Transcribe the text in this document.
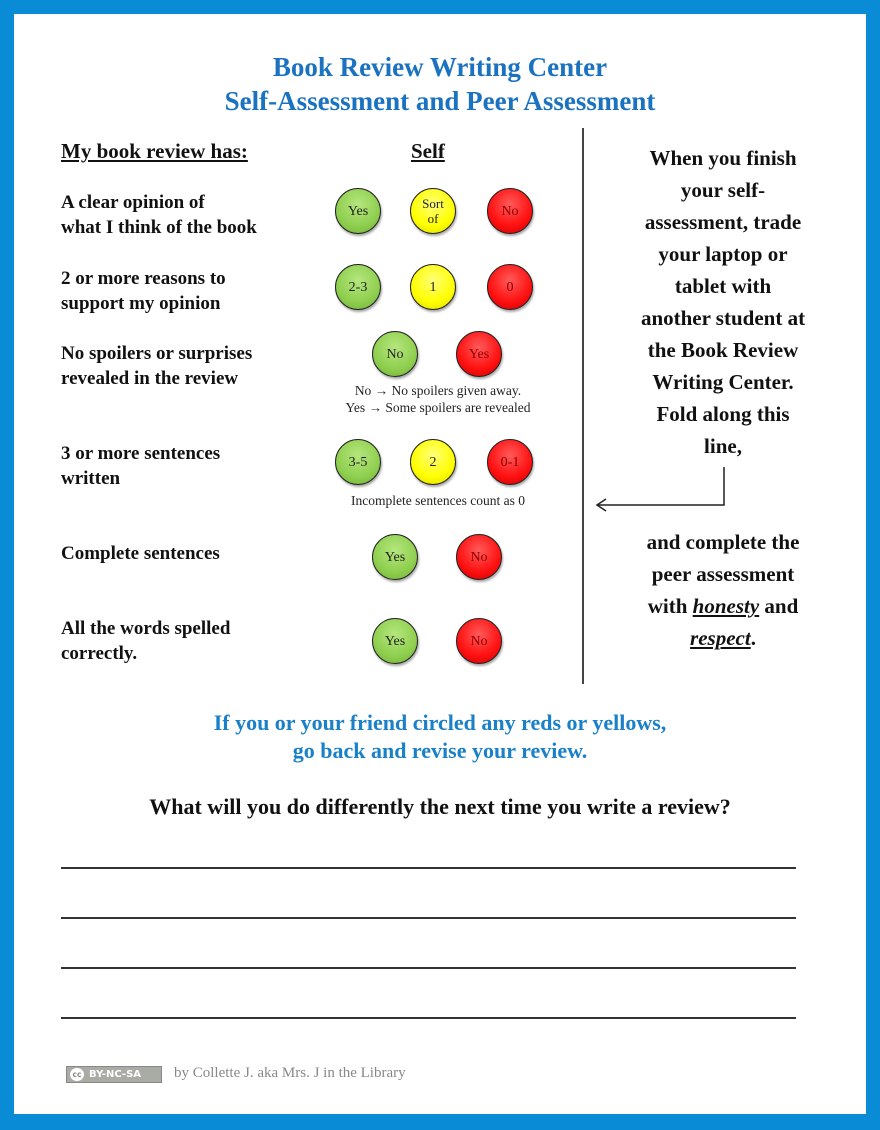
Book Review Writing Center
Self-Assessment and Peer Assessment
My book review has:	Self
A clear opinion of
what I think of the book
Yes	Sort of	No
2 or more reasons to
support my opinion
2-3	1	0
No spoilers or surprises
revealed in the review
No	Yes
No → No spoilers given away.
Yes → Some spoilers are revealed
3 or more sentences
written
3-5	2	0-1
Incomplete sentences count as 0
Complete sentences	Yes	No
All the words spelled
correctly.
Yes	No
When you finish
your self-
assessment, trade
your laptop or
tablet with
another student at
the Book Review
Writing Center.
Fold along this
line,
and complete the
peer assessment
with honesty and
respect.
If you or your friend circled any reds or yellows,
go back and revise your review.
What will you do differently the next time you write a review?
cc BY-NC-SA by Collette J. aka Mrs. J in the Library
